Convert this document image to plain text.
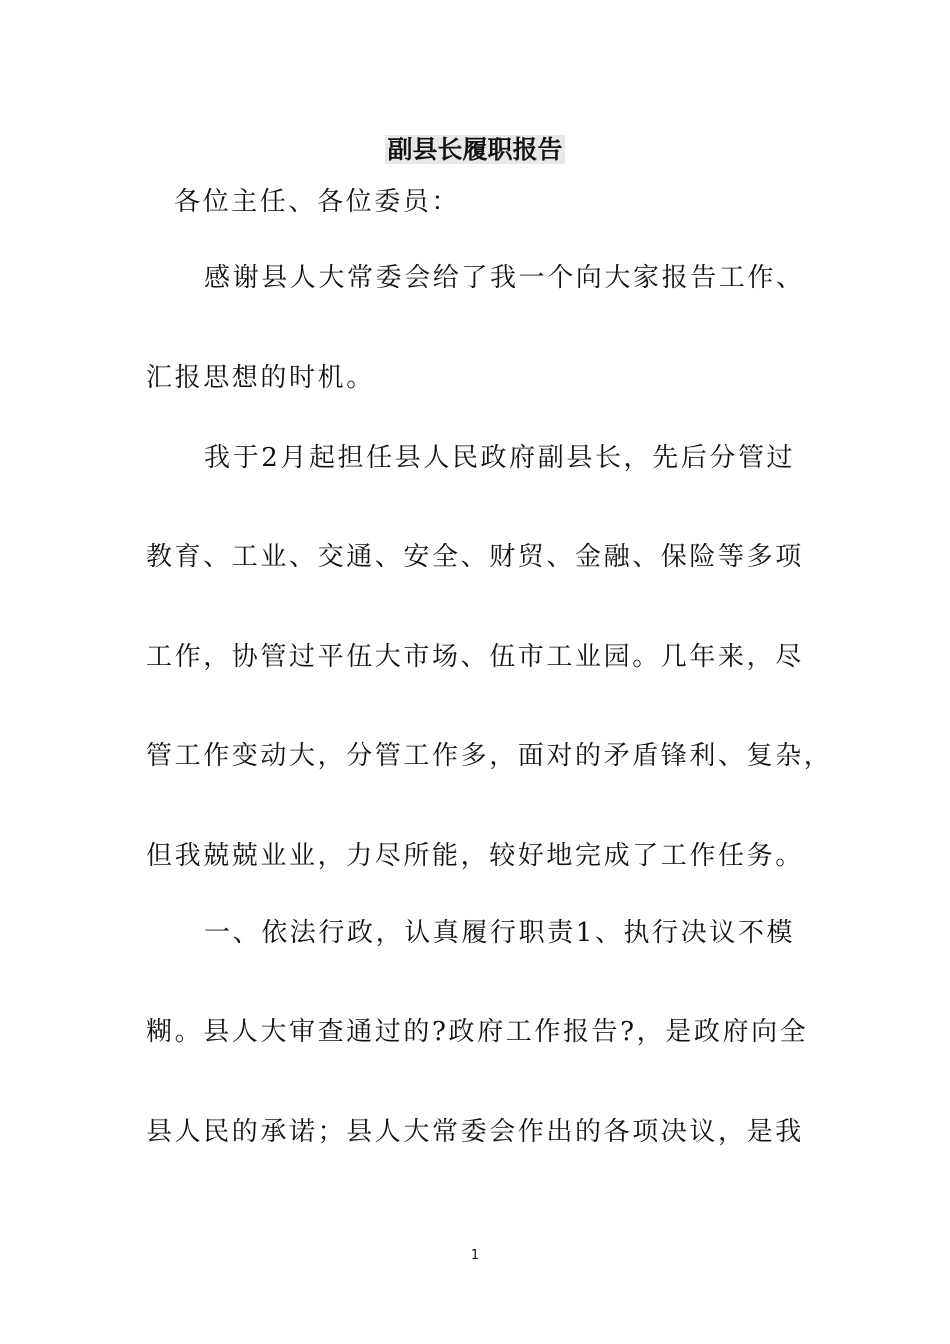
副县长履职报告
各位主任、各位委员：
感谢县人大常委会给了我一个向大家报告工作、
汇报思想的时机。
我于2月起担任县人民政府副县长，先后分管过
教育、工业、交通、安全、财贸、金融、保险等多项
工作，协管过平伍大市场、伍市工业园。几年来，尽
管工作变动大，分管工作多，面对的矛盾锋利、复杂，
但我兢兢业业，力尽所能，较好地完成了工作任务。
一、依法行政，认真履行职责1、执行决议不模
糊。县人大审查通过的?政府工作报告?，是政府向全
县人民的承诺；县人大常委会作出的各项决议，是我
1
